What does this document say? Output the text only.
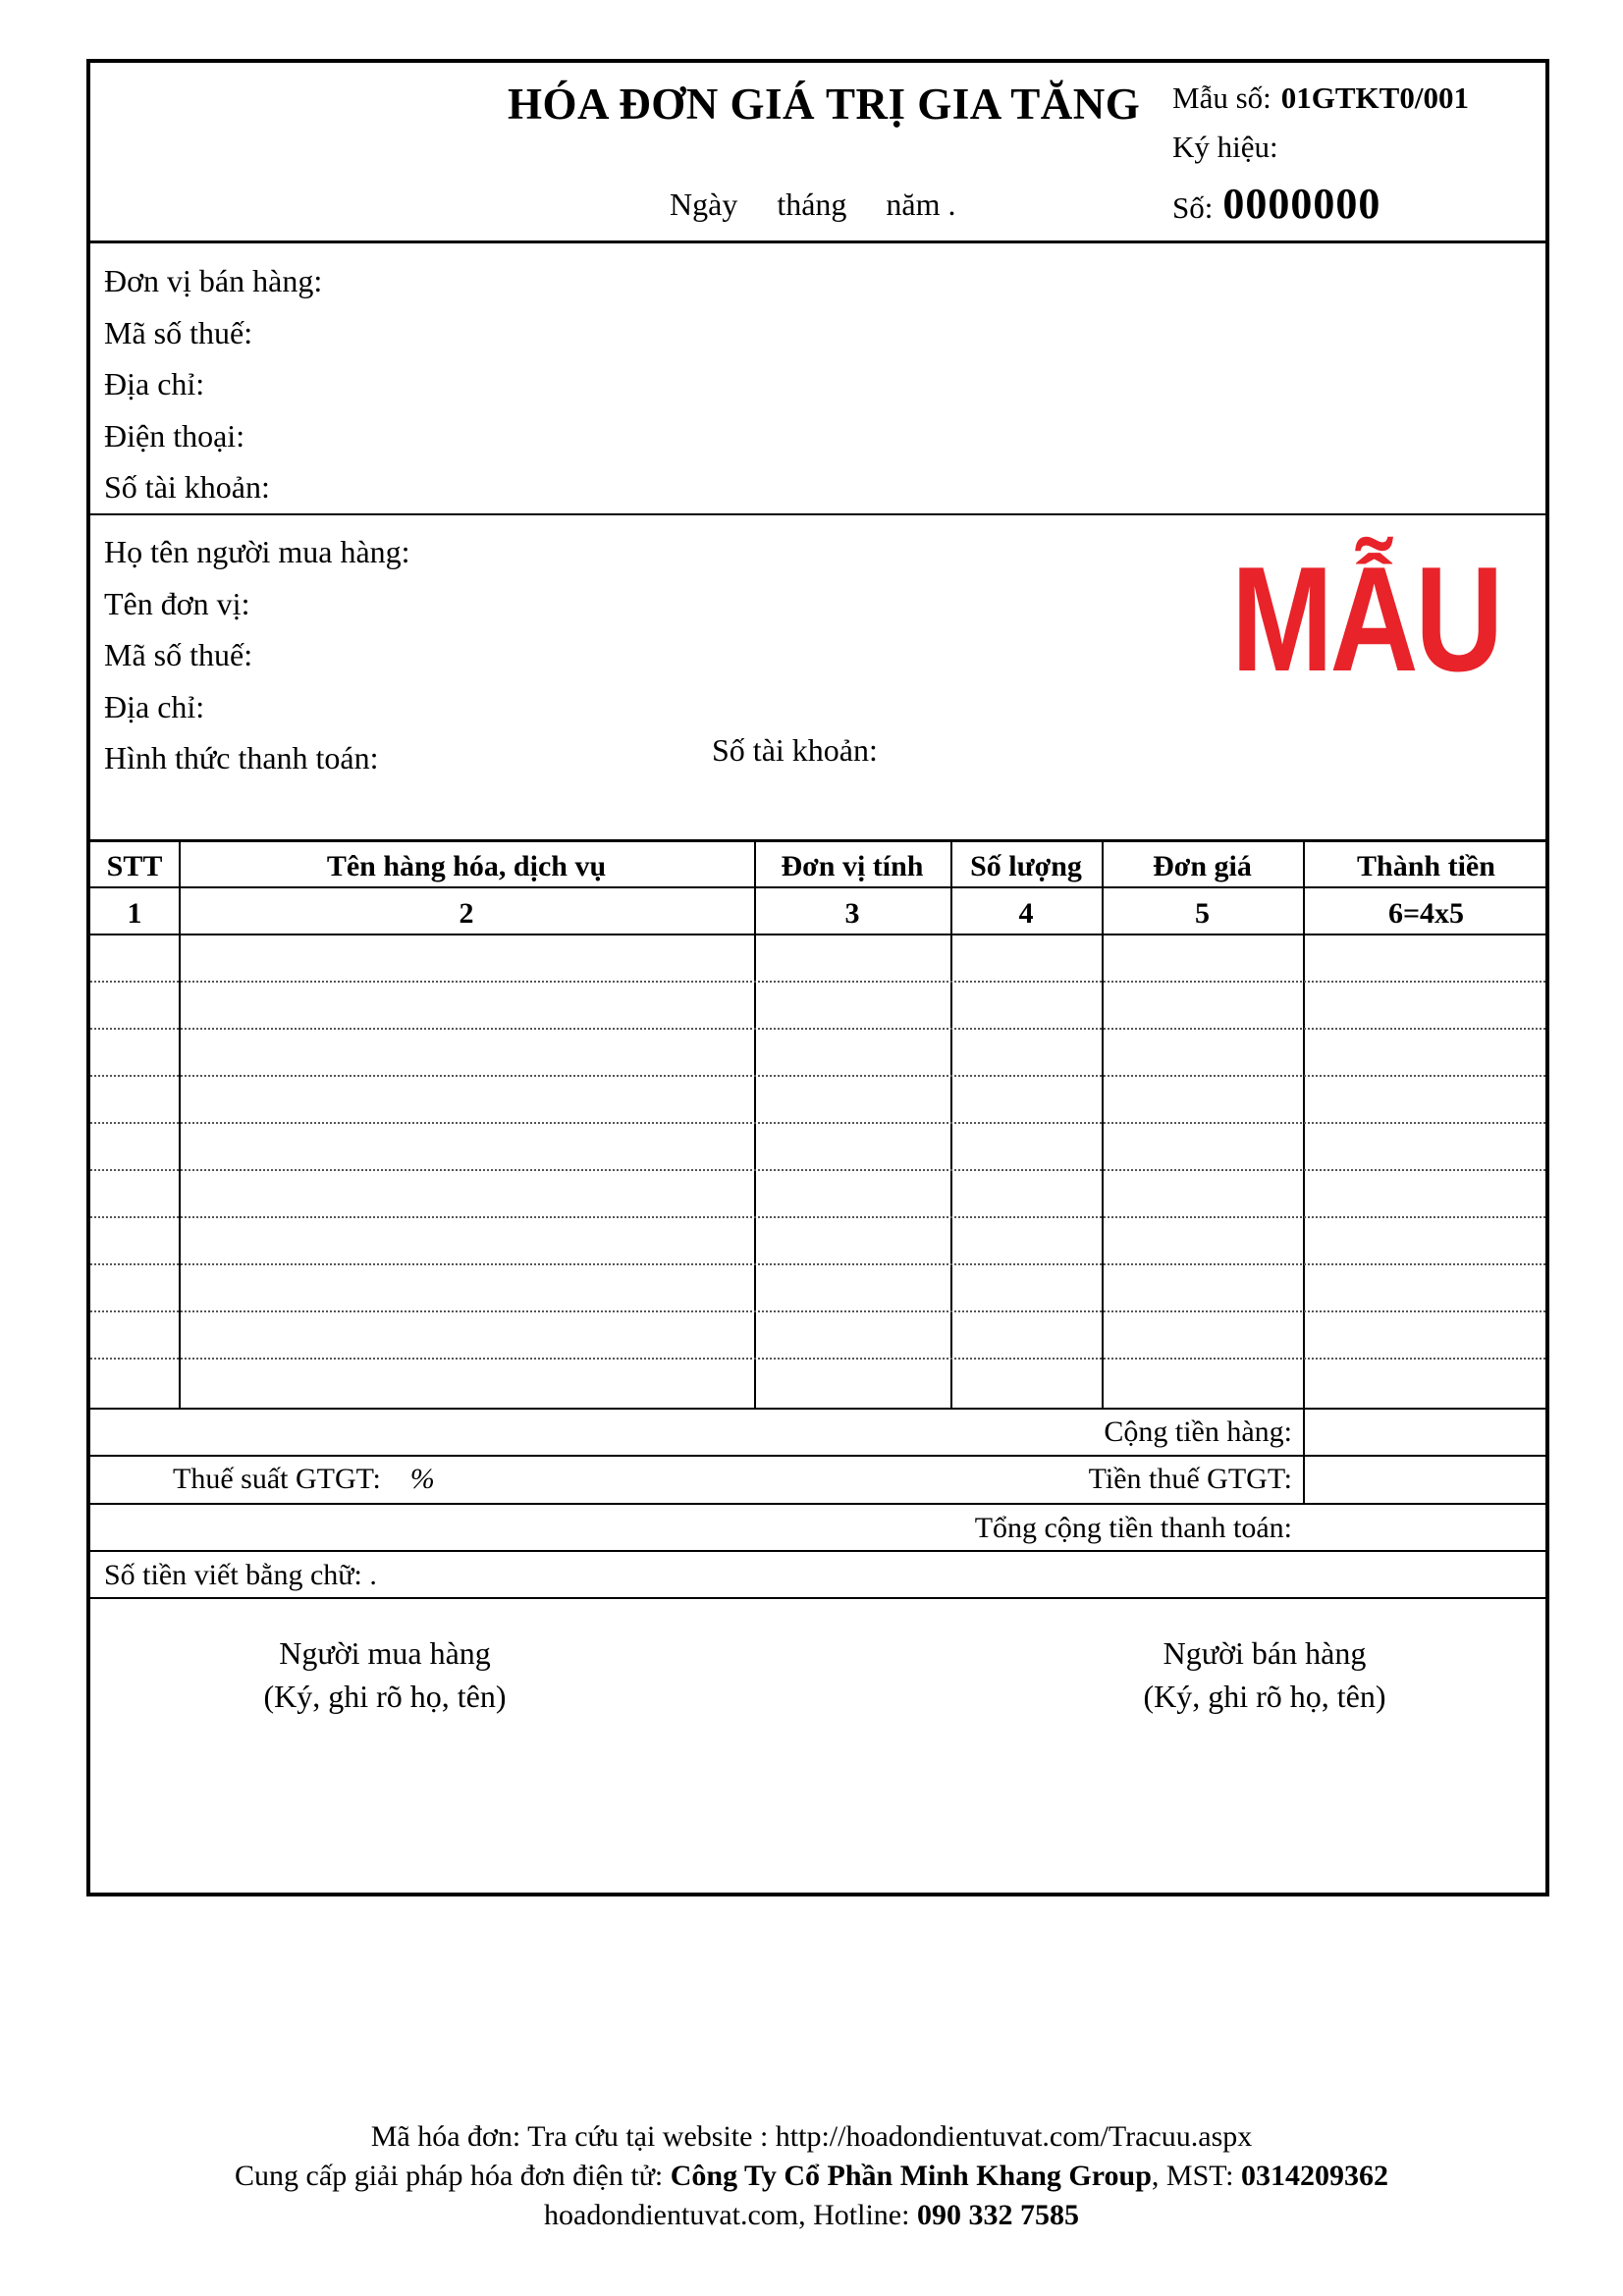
HÓA ĐƠN GIÁ TRỊ GIA TĂNG
Ngày tháng năm .
Mẫu số: 01GTKT0/001
Ký hiệu:
Số: 0000000
Đơn vị bán hàng:
Mã số thuế:
Địa chỉ:
Điện thoại:
Số tài khoản:
Họ tên người mua hàng:
Tên đơn vị:
Mã số thuế:
Địa chỉ:
Hình thức thanh toán:	Số tài khoản:
MẪU
STT	Tên hàng hóa, dịch vụ	Đơn vị tính	Số lượng	Đơn giá	Thành tiền
1	2	3	4	5	6=4x5
Cộng tiền hàng:
Thuế suất GTGT: %	Tiền thuế GTGT:
Tổng cộng tiền thanh toán:
Số tiền viết bằng chữ: .
Người mua hàng
(Ký, ghi rõ họ, tên)
Người bán hàng
(Ký, ghi rõ họ, tên)
Mã hóa đơn: Tra cứu tại website : http://hoadondientuvat.com/Tracuu.aspx
Cung cấp giải pháp hóa đơn điện tử: Công Ty Cổ Phần Minh Khang Group, MST: 0314209362
hoadondientuvat.com, Hotline: 090 332 7585
